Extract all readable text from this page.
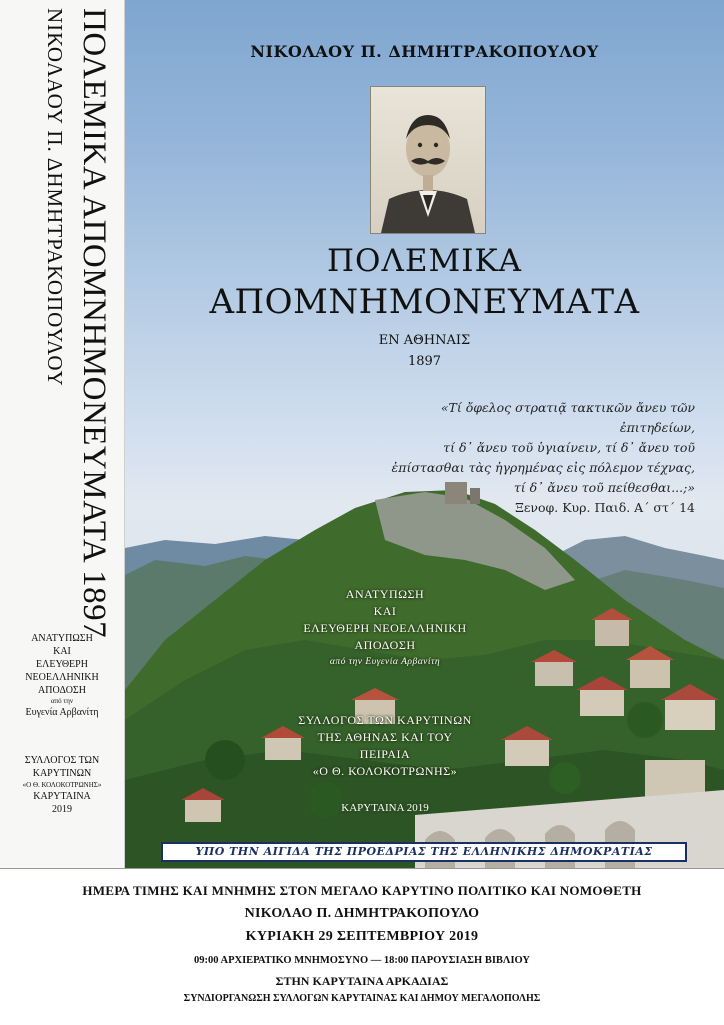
ΠΟΛΕΜΙΚΑ ΑΠΟΜΝΗΜΟΝΕΥΜΑΤΑ 1897
ΝΙΚΟΛΑΟΥ Π. ΔΗΜΗΤΡΑΚΟΠΟΥΛΟΥ
ΑΝΑΤΥΠΩΣΗ
ΚΑΙ
ΕΛΕΥΘΕΡΗ
ΝΕΟΕΛΛΗΝΙΚΗ
ΑΠΟΔΟΣΗ
από την
Ευγενία Αρβανίτη
ΣΥΛΛΟΓΟΣ ΤΩΝ
ΚΑΡΥΤΙΝΩΝ
«Ο Θ. ΚΟΛΟΚΟΤΡΩΝΗΣ»
ΚΑΡΥΤΑΙΝΑ
2019
ΝΙΚΟΛΑΟΥ Π. ΔΗΜΗΤΡΑΚΟΠΟΥΛΟΥ
ΠΟΛΕΜΙΚΑ
ΑΠΟΜΝΗΜΟΝΕΥΜΑΤΑ
ΕΝ ΑΘΗΝΑΙΣ
1897
«Τί ὄφελος στρατιᾷ τακτικῶν ἄνευ τῶν ἐπιτηδείων,
τί δ᾽ ἄνευ τοῦ ὑγιαίνειν, τί δ᾽ ἄνευ τοῦ
ἐπίστασθαι τὰς ἠγρημένας εἰς πόλεμον τέχνας,
τί δ᾽ ἄνευ τοῦ πείθεσθαι...;»
Ξενοφ. Κυρ. Παιδ. Α΄ στ΄ 14
ΑΝΑΤΥΠΩΣΗ
ΚΑΙ
ΕΛΕΥΘΕΡΗ ΝΕΟΕΛΛΗΝΙΚΗ
ΑΠΟΔΟΣΗ
από την Ευγενία Αρβανίτη
ΣΥΛΛΟΓΟΣ ΤΩΝ ΚΑΡΥΤΙΝΩΝ
ΤΗΣ ΑΘΗΝΑΣ ΚΑΙ ΤΟΥ
ΠΕΙΡΑΙΑ
«Ο Θ. ΚΟΛΟΚΟΤΡΩΝΗΣ»
ΚΑΡΥΤΑΙΝΑ 2019
ΥΠΟ ΤΗΝ ΑΙΓΙΔΑ ΤΗΣ ΠΡΟΕΔΡΙΑΣ ΤΗΣ ΕΛΛΗΝΙΚΗΣ ΔΗΜΟΚΡΑΤΙΑΣ
ΗΜΕΡΑ ΤΙΜΗΣ ΚΑΙ ΜΝΗΜΗΣ ΣΤΟΝ ΜΕΓΑΛΟ ΚΑΡΥΤΙΝΟ ΠΟΛΙΤΙΚΟ ΚΑΙ ΝΟΜΟΘΕΤΗ
ΝΙΚΟΛΑΟ Π. ΔΗΜΗΤΡΑΚΟΠΟΥΛΟ
ΚΥΡΙΑΚΗ 29 ΣΕΠΤΕΜΒΡΙΟΥ 2019
09:00 ΑΡΧΙΕΡΑΤΙΚΟ ΜΝΗΜΟΣΥΝΟ — 18:00 ΠΑΡΟΥΣΙΑΣΗ ΒΙΒΛΙΟΥ
ΣΤΗΝ ΚΑΡΥΤΑΙΝΑ ΑΡΚΑΔΙΑΣ
ΣΥΝΔΙΟΡΓΑΝΩΣΗ ΣΥΛΛΟΓΩΝ ΚΑΡΥΤΑΙΝΑΣ ΚΑΙ ΔΗΜΟΥ ΜΕΓΑΛΟΠΟΛΗΣ
